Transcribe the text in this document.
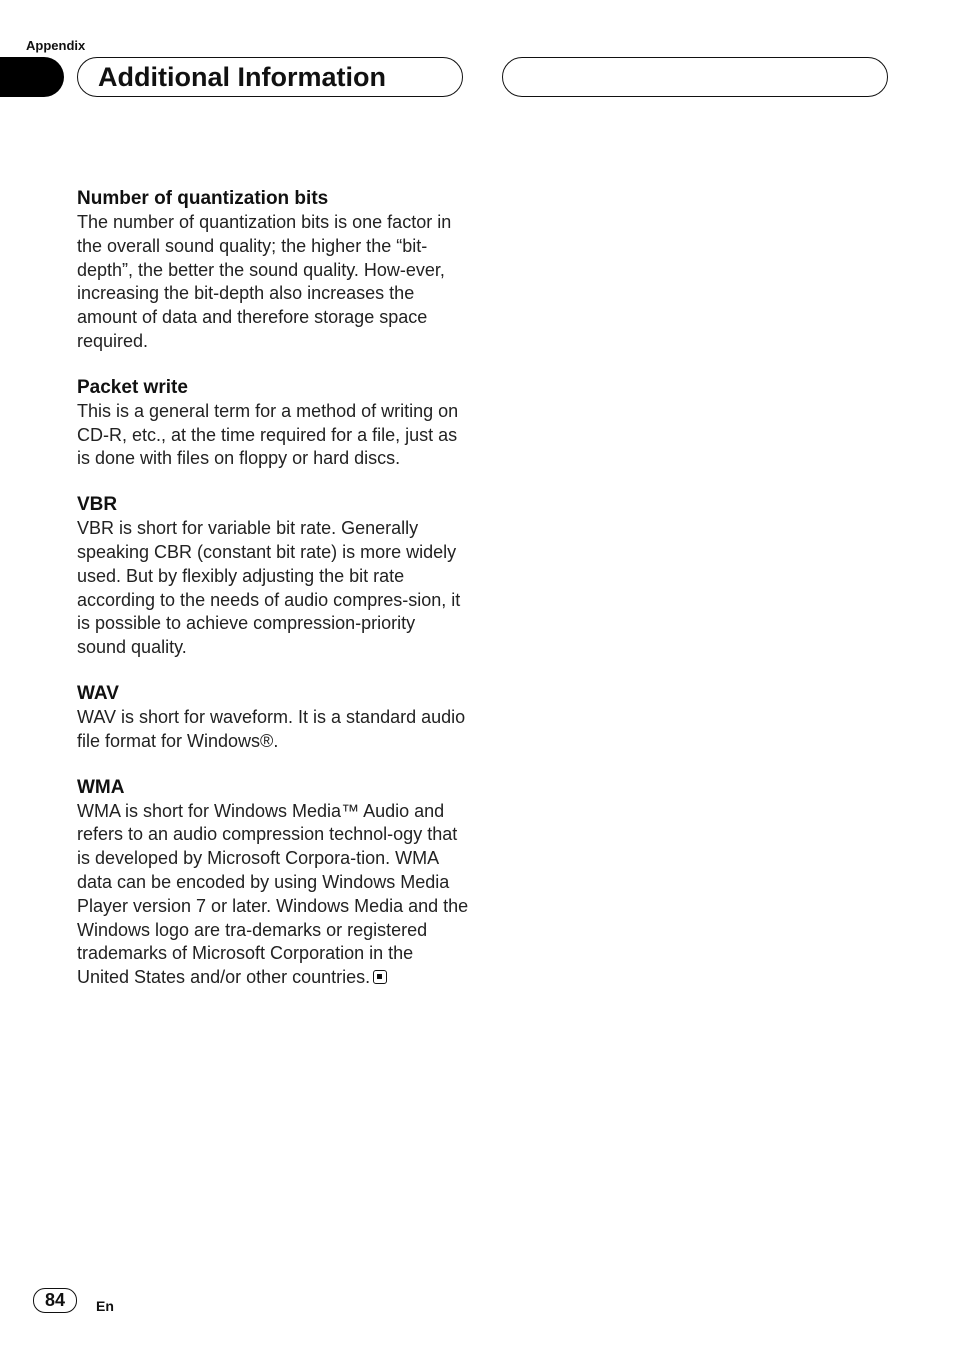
Appendix
Additional Information
Number of quantization bits

The number of quantization bits is one factor in the overall sound quality; the higher the “bit-depth”, the better the sound quality. How-ever, increasing the bit-depth also increases the amount of data and therefore storage space required.

Packet write

This is a general term for a method of writing on CD-R, etc., at the time required for a file, just as is done with files on floppy or hard discs.

VBR

VBR is short for variable bit rate. Generally speaking CBR (constant bit rate) is more widely used. But by flexibly adjusting the bit rate according to the needs of audio compres-sion, it is possible to achieve compression-priority sound quality.

WAV

WAV is short for waveform. It is a standard audio file format for Windows®.

WMA

WMA is short for Windows Media™ Audio and refers to an audio compression technol-ogy that is developed by Microsoft Corpora-tion. WMA data can be encoded by using Windows Media Player version 7 or later. Windows Media and the Windows logo are tra-demarks or registered trademarks of Microsoft Corporation in the United States and/or other countries.

84	En
